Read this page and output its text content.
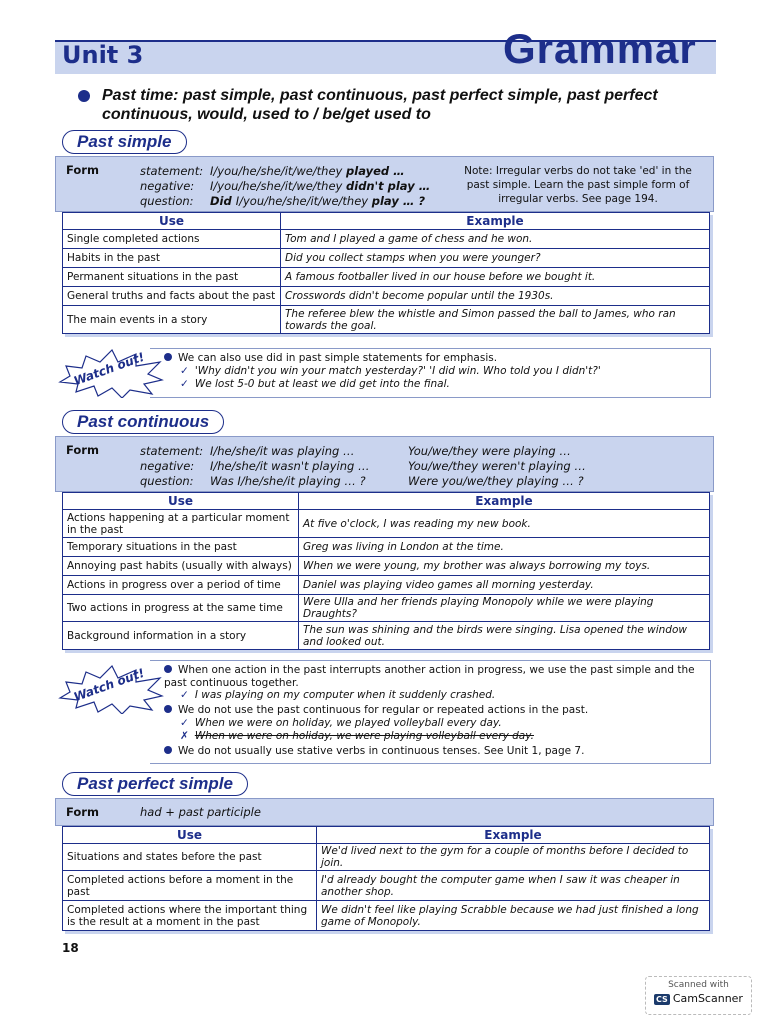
Unit 3	Grammar
Past time: past simple, past continuous, past perfect simple, past perfect continuous, would, used to / be/get used to
Past simple
Form	statement: I/you/he/she/it/we/they played …
negative: I/you/he/she/it/we/they didn't play …
question: Did I/you/he/she/it/we/they play … ?
Note: Irregular verbs do not take 'ed' in the past simple. Learn the past simple form of irregular verbs. See page 194.
Use	Example
Single completed actions	Tom and I played a game of chess and he won.
Habits in the past	Did you collect stamps when you were younger?
Permanent situations in the past	A famous footballer lived in our house before we bought it.
General truths and facts about the past	Crosswords didn't become popular until the 1930s.
The main events in a story	The referee blew the whistle and Simon passed the ball to James, who ran towards the goal.
We can also use did in past simple statements for emphasis.
✓ 'Why didn't you win your match yesterday?' 'I did win. Who told you I didn't?'
✓ We lost 5-0 but at least we did get into the final.
Watch out!
Past continuous
Form	statement: I/he/she/it was playing …	You/we/they were playing …
negative: I/he/she/it wasn't playing …	You/we/they weren't playing …
question: Was I/he/she/it playing … ?	Were you/we/they playing … ?
Use	Example
Actions happening at a particular moment in the past	At five o'clock, I was reading my new book.
Temporary situations in the past	Greg was living in London at the time.
Annoying past habits (usually with always)	When we were young, my brother was always borrowing my toys.
Actions in progress over a period of time	Daniel was playing video games all morning yesterday.
Two actions in progress at the same time	Were Ulla and her friends playing Monopoly while we were playing Draughts?
Background information in a story	The sun was shining and the birds were singing. Lisa opened the window and looked out.
When one action in the past interrupts another action in progress, we use the past simple and the past continuous together.
✓ I was playing on my computer when it suddenly crashed.
We do not use the past continuous for regular or repeated actions in the past.
✓ When we were on holiday, we played volleyball every day.
✗ When we were on holiday, we were playing volleyball every day.
We do not usually use stative verbs in continuous tenses. See Unit 1, page 7.
Watch out!
Past perfect simple
Form	had + past participle
Use	Example
Situations and states before the past	We'd lived next to the gym for a couple of months before I decided to join.
Completed actions before a moment in the past	I'd already bought the computer game when I saw it was cheaper in another shop.
Completed actions where the important thing is the result at a moment in the past	We didn't feel like playing Scrabble because we had just finished a long game of Monopoly.
18
Scanned with
CS CamScanner
